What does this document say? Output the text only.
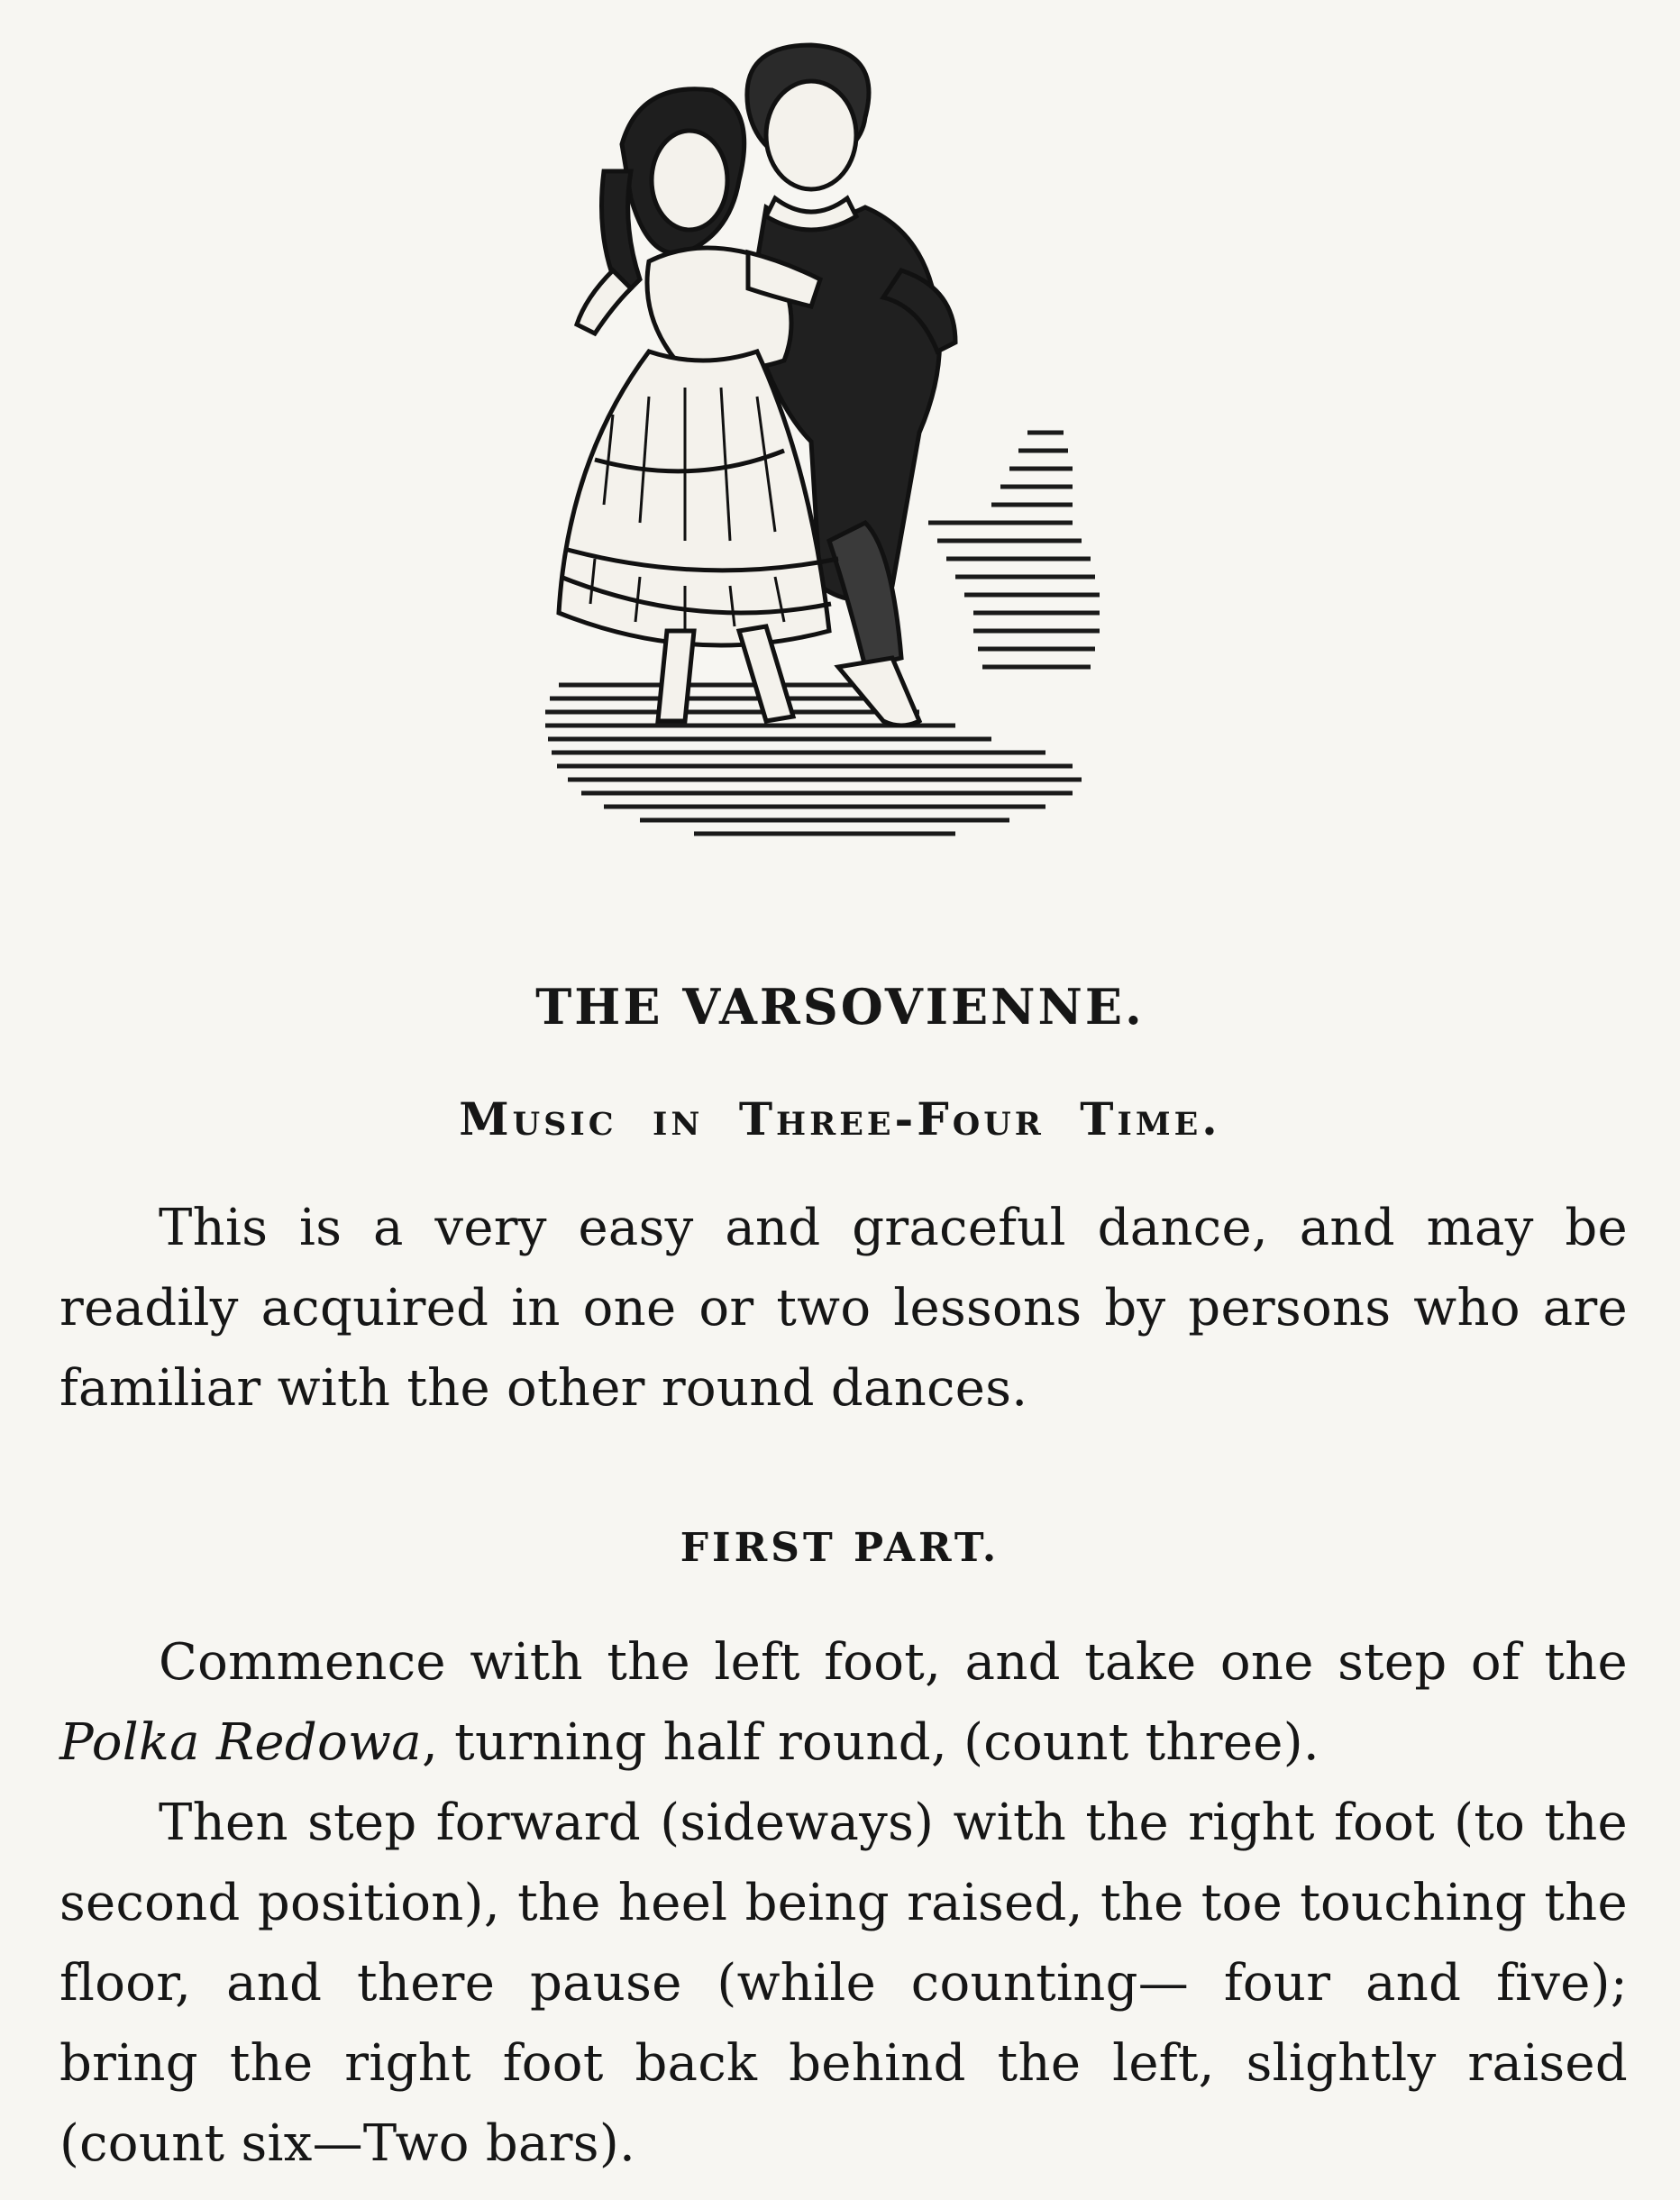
THE VARSOVIENNE.
Music in Three-Four Time.
This is a very easy and graceful dance, and may be readily acquired in one or two lessons by persons who are familiar with the other round dances.
FIRST PART.
Commence with the left foot, and take one step of the Polka Redowa, turning half round, (count three).
Then step forward (sideways) with the right foot (to the second position), the heel being raised, the toe touching the floor, and there pause (while counting— four and five); bring the right foot back behind the left, slightly raised (count six—Two bars).
